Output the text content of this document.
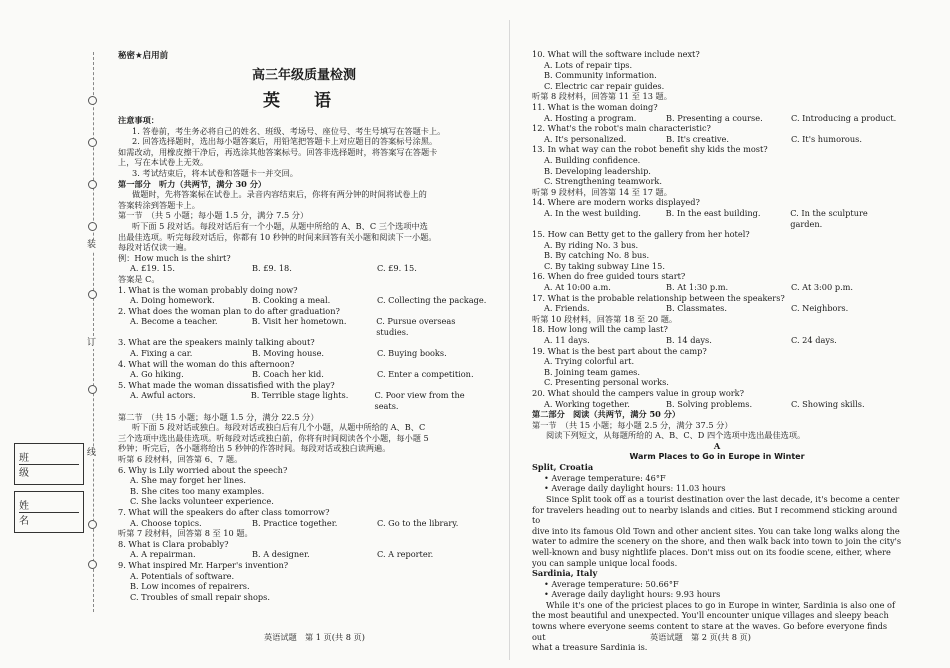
装
订
线
班 级
姓 名
秘密★启用前
高三年级质量检测
英 语

注意事项：

1. 答卷前，考生务必将自己的姓名、班级、考场号、座位号、考生号填写在答题卡上。

2. 回答选择题时，选出每小题答案后，用铅笔把答题卡上对应题目的答案标号涂黑。

如需改动，用橡皮擦干净后，再选涂其他答案标号。回答非选择题时，将答案写在答题卡

上，写在本试卷上无效。

3. 考试结束后，将本试卷和答题卡一并交回。

第一部分　听力（共两节，满分 30 分）

做题时，先将答案标在试卷上。录音内容结束后，你将有两分钟的时间将试卷上的

答案转涂到答题卡上。

第一节　（共 5 小题；每小题 1.5 分，满分 7.5 分）

听下面 5 段对话。每段对话后有一个小题，从题中所给的 A、B、C 三个选项中选

出最佳选项。听完每段对话后，你都有 10 秒钟的时间来回答有关小题和阅读下一小题。

每段对话仅读一遍。

例：How much is the shirt?

A. £19. 15.	B. £9. 18.	C. £9. 15.

答案是 C。

1. What is the woman probably doing now?

A. Doing homework.	B. Cooking a meal.	C. Collecting the package.

2. What does the woman plan to do after graduation?

A. Become a teacher.	B. Visit her hometown.	C. Pursue overseas studies.

3. What are the speakers mainly talking about?

A. Fixing a car.	B. Moving house.	C. Buying books.

4. What will the woman do this afternoon?

A. Go hiking.	B. Coach her kid.	C. Enter a competition.

5. What made the woman dissatisfied with the play?

A. Awful actors.	B. Terrible stage lights.	C. Poor view from the seats.

第二节　（共 15 小题；每小题 1.5 分，满分 22.5 分）

听下面 5 段对话或独白。每段对话或独白后有几个小题，从题中所给的 A、B、C

三个选项中选出最佳选项。听每段对话或独白前，你将有时间阅读各个小题，每小题 5

秒钟；听完后，各小题将给出 5 秒钟的作答时间。每段对话或独白读两遍。

听第 6 段材料，回答第 6、7 题。

6. Why is Lily worried about the speech?

A. She may forget her lines.

B. She cites too many examples.

C. She lacks volunteer experience.

7. What will the speakers do after class tomorrow?

A. Choose topics.	B. Practice together.	C. Go to the library.

听第 7 段材料，回答第 8 至 10 题。

8. What is Clara probably?

A. A repairman.	B. A designer.	C. A reporter.

9. What inspired Mr. Harper's invention?

A. Potentials of software.

B. Low incomes of repairers.

C. Troubles of small repair shops.

10. What will the software include next?

A. Lots of repair tips.

B. Community information.

C. Electric car repair guides.

听第 8 段材料，回答第 11 至 13 题。

11. What is the woman doing?

A. Hosting a program.	B. Presenting a course.	C. Introducing a product.

12. What's the robot's main characteristic?

A. It's personalized.	B. It's creative.	C. It's humorous.

13. In what way can the robot benefit shy kids the most?

A. Building confidence.

B. Developing leadership.

C. Strengthening teamwork.

听第 9 段材料，回答第 14 至 17 题。

14. Where are modern works displayed?

A. In the west building.	B. In the east building.	C. In the sculpture garden.

15. How can Betty get to the gallery from her hotel?

A. By riding No. 3 bus.

B. By catching No. 8 bus.

C. By taking subway Line 15.

16. When do free guided tours start?

A. At 10:00 a.m.	B. At 1:30 p.m.	C. At 3:00 p.m.

17. What is the probable relationship between the speakers?

A. Friends.	B. Classmates.	C. Neighbors.

听第 10 段材料，回答第 18 至 20 题。

18. How long will the camp last?

A. 11 days.	B. 14 days.	C. 24 days.

19. What is the best part about the camp?

A. Trying colorful art.

B. Joining team games.

C. Presenting personal works.

20. What should the campers value in group work?

A. Working together.	B. Solving problems.	C. Showing skills.

第二部分　阅读（共两节，满分 50 分）

第一节　（共 15 小题；每小题 2.5 分，满分 37.5 分）

阅读下列短文，从每题所给的 A、B、C、D 四个选项中选出最佳选项。

A

Warm Places to Go in Europe in Winter

Split, Croatia

• Average temperature: 46°F

• Average daily daylight hours: 11.03 hours

Since Split took off as a tourist destination over the last decade, it's become a center

for travelers heading out to nearby islands and cities. But I recommend sticking around to

dive into its famous Old Town and other ancient sites. You can take long walks along the

water to admire the scenery on the shore, and then walk back into town to join the city's

well-known and busy nightlife places. Don't miss out on its foodie scene, either, where

you can sample unique local foods.

Sardinia, Italy

• Average temperature: 50.66°F

• Average daily daylight hours: 9.93 hours

While it's one of the priciest places to go in Europe in winter, Sardinia is also one of

the most beautiful and unexpected. You'll encounter unique villages and sleepy beach

towns where everyone seems content to stare at the waves. Go before everyone finds out

what a treasure Sardinia is.

英语试题　第 1 页(共 8 页)	英语试题　第 2 页(共 8 页)
